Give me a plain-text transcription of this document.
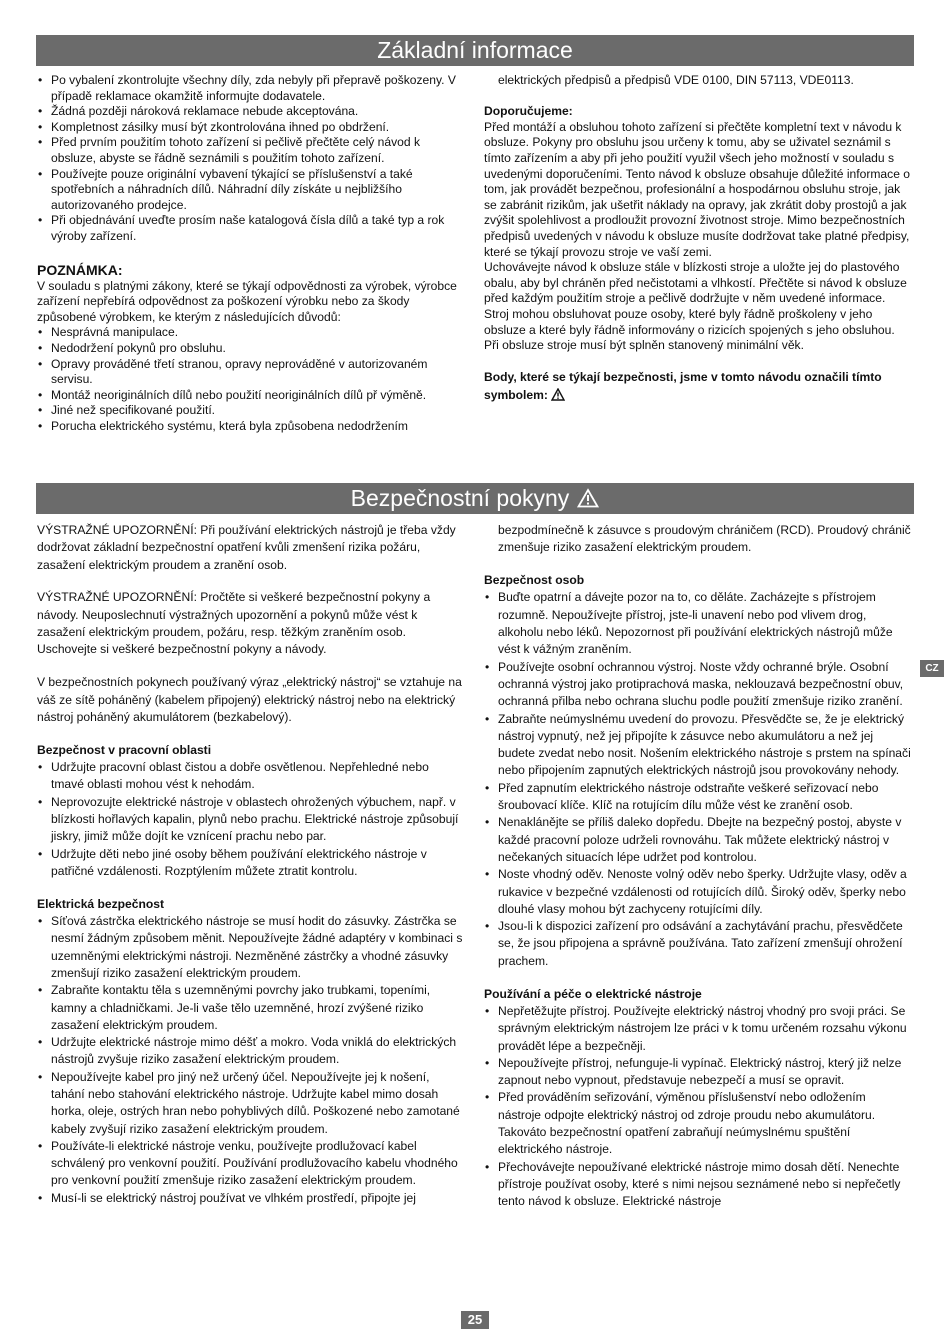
Základní informace
• Po vybalení zkontrolujte všechny díly, zda nebyly při přepravě poškozeny. V případě reklamace okamžitě informujte dodavatele.
• Žádná později nároková reklamace nebude akceptována.
• Kompletnost zásilky musí být zkontrolována ihned po obdržení.
• Před prvním použitím tohoto zařízení si pečlivě přečtěte celý návod k obsluze, abyste se řádně seznámili s použitím tohoto zařízení.
• Používejte pouze originální vybavení týkající se příslušenství a také spotřebních a náhradních dílů. Náhradní díly získáte u nejbližšího autorizovaného prodejce.
• Při objednávání uveďte prosím naše katalogová čísla dílů a také typ a rok výroby zařízení.

POZNÁMKA:

V souladu s platnými zákony, které se týkají odpovědnosti za výrobek, výrobce zařízení nepřebírá odpovědnost za poškození výrobku nebo za škody způsobené výrobkem, ke kterým z následujících důvodů:

• Nesprávná manipulace.
• Nedodržení pokynů pro obsluhu.
• Opravy prováděné třetí stranou, opravy neprováděné v autorizovaném servisu.
• Montáž neoriginálních dílů nebo použití neoriginálních dílů př výměně.
• Jiné než specifikované použití.
• Porucha elektrického systému, která byla způsobena nedodržením

elektrických předpisů a předpisů VDE 0100, DIN 57113, VDE0113.

Doporučujeme:

Před montáží a obsluhou tohoto zařízení si přečtěte kompletní text v návodu k obsluze. Pokyny pro obsluhu jsou určeny k tomu, aby se uživatel seznámil s tímto zařízením a aby při jeho použití využil všech jeho možností v souladu s uvedenými doporučeními. Tento návod k obsluze obsahuje důležité informace o tom, jak provádět bezpečnou, profesionální a hospodárnou obsluhu stroje, jak se zabránit rizikům, jak ušetřit náklady na opravy, jak zkrátit doby prostojů a jak zvýšit spolehlivost a prodloužit provozní životnost stroje. Mimo bezpečnostních předpisů uvedených v návodu k obsluze musíte dodržovat take platné předpisy, které se týkají provozu stroje ve vaší zemi.

Uchovávejte návod k obsluze stále v blízkosti stroje a uložte jej do plastového obalu, aby byl chráněn před nečistotami a vlhkostí. Přečtěte si návod k obsluze před každým použitím stroje a pečlivě dodržujte v něm uvedené informace. Stroj mohou obsluhovat pouze osoby, které byly řádně proškoleny v jeho obsluze a které byly řádně informovány o rizicích spojených s jeho obsluhou. Při obsluze stroje musí být splněn stanovený minimální věk.

Body, které se týkají bezpečnosti, jsme v tomto návodu označili tímto symbolem:

Bezpečnostní pokyny

VÝSTRAŽNÉ UPOZORNĚNÍ: Při používání elektrických nástrojů je třeba vždy dodržovat základní bezpečnostní opatření kvůli zmenšení rizika požáru, zasažení elektrickým proudem a zranění osob.

VÝSTRAŽNÉ UPOZORNĚNÍ: Pročtěte si veškeré bezpečnostní pokyny a návody. Neuposlechnutí výstražných upozornění a pokynů může vést k zasažení elektrickým proudem, požáru, resp. těžkým zraněním osob. Uschovejte si veškeré bezpečnostní pokyny a návody.

V bezpečnostních pokynech používaný výraz „elektrický nástroj“ se vztahuje na váš ze sítě poháněný (kabelem připojený) elektrický nástroj nebo na elektrický nástroj poháněný akumulátorem (bezkabelový).

Bezpečnost v pracovní oblasti

• Udržujte pracovní oblast čistou a dobře osvětlenou. Nepřehledné nebo tmavé oblasti mohou vést k nehodám.
• Neprovozujte elektrické nástroje v oblastech ohrožených výbuchem, např. v blízkosti hořlavých kapalin, plynů nebo prachu. Elektrické nástroje způsobují jiskry, jimiž může dojít ke vznícení prachu nebo par.
• Udržujte děti nebo jiné osoby během používání elektrického nástroje v patřičné vzdálenosti. Rozptýlením můžete ztratit kontrolu.

Elektrická bezpečnost

• Síťová zástrčka elektrického nástroje se musí hodit do zásuvky. Zástrčka se nesmí žádným způsobem měnit. Nepoužívejte žádné adaptéry v kombinaci s uzemněnými elektrickými nástroji. Nezměněné zástrčky a vhodné zásuvky zmenšují riziko zasažení elektrickým proudem.
• Zabraňte kontaktu těla s uzemněnými povrchy jako trubkami, topeními, kamny a chladničkami. Je-li vaše tělo uzemněné, hrozí zvýšené riziko zasažení elektrickým proudem.
• Udržujte elektrické nástroje mimo déšť a mokro. Voda vniklá do elektrických nástrojů zvyšuje riziko zasažení elektrickým proudem.
• Nepoužívejte kabel pro jiný než určený účel. Nepoužívejte jej k nošení, tahání nebo stahování elektrického nástroje. Udržujte kabel mimo dosah horka, oleje, ostrých hran nebo pohyblivých dílů. Poškozené nebo zamotané kabely zvyšují riziko zasažení elektrickým proudem.
• Používáte-li elektrické nástroje venku, používejte prodlužovací kabel schválený pro venkovní použití. Používání prodlužovacího kabelu vhodného pro venkovní použití zmenšuje riziko zasažení elektrickým proudem.
• Musí-li se elektrický nástroj používat ve vlhkém prostředí, připojte jej

bezpodmínečně k zásuvce s proudovým chráničem (RCD). Proudový chránič zmenšuje riziko zasažení elektrickým proudem.

Bezpečnost osob

• Buďte opatrní a dávejte pozor na to, co děláte. Zacházejte s přístrojem rozumně. Nepoužívejte přístroj, jste-li unavení nebo pod vlivem drog, alkoholu nebo léků. Nepozornost při používání elektrických nástrojů může vést k vážným zraněním.
• Používejte osobní ochrannou výstroj. Noste vždy ochranné brýle. Osobní ochranná výstroj jako protiprachová maska, neklouzavá bezpečnostní obuv, ochranná přilba nebo ochrana sluchu podle použití zmenšuje riziko zranění.
• Zabraňte neúmyslnému uvedení do provozu. Přesvědčte se, že je elektrický nástroj vypnutý, než jej připojíte k zásuvce nebo akumulátoru a než jej budete zvedat nebo nosit. Nošením elektrického nástroje s prstem na spínači nebo připojením zapnutých elektrických nástrojů jsou provokovány nehody.
• Před zapnutím elektrického nástroje odstraňte veškeré seřizovací nebo šroubovací klíče. Klíč na rotujícím dílu může vést ke zranění osob.
• Nenaklánějte se příliš daleko dopředu. Dbejte na bezpečný postoj, abyste v každé pracovní poloze udrželi rovnováhu. Tak můžete elektrický nástroj v nečekaných situacích lépe udržet pod kontrolou.
• Noste vhodný oděv. Nenoste volný oděv nebo šperky. Udržujte vlasy, oděv a rukavice v bezpečné vzdálenosti od rotujících dílů. Široký oděv, šperky nebo dlouhé vlasy mohou být zachyceny rotujícími díly.
• Jsou-li k dispozici zařízení pro odsávání a zachytávání prachu, přesvědčete se, že jsou připojena a správně používána. Tato zařízení zmenšují ohrožení prachem.

Používání a péče o elektrické nástroje

• Nepřetěžujte přístroj. Používejte elektrický nástroj vhodný pro svoji práci. Se správným elektrickým nástrojem lze práci v k tomu určeném rozsahu výkonu provádět lépe a bezpečněji.
• Nepoužívejte přístroj, nefunguje-li vypínač. Elektrický nástroj, který již nelze zapnout nebo vypnout, představuje nebezpečí a musí se opravit.
• Před prováděním seřizování, výměnou příslušenství nebo odložením nástroje odpojte elektrický nástroj od zdroje proudu nebo akumulátoru. Takováto bezpečnostní opatření zabraňují neúmyslnému spuštění elektrického nástroje.
• Přechovávejte nepoužívané elektrické nástroje mimo dosah dětí. Nenechte přístroje používat osoby, které s nimi nejsou seznámené nebo si nepřečetly tento návod k obsluze. Elektrické nástroje
CZ
25
